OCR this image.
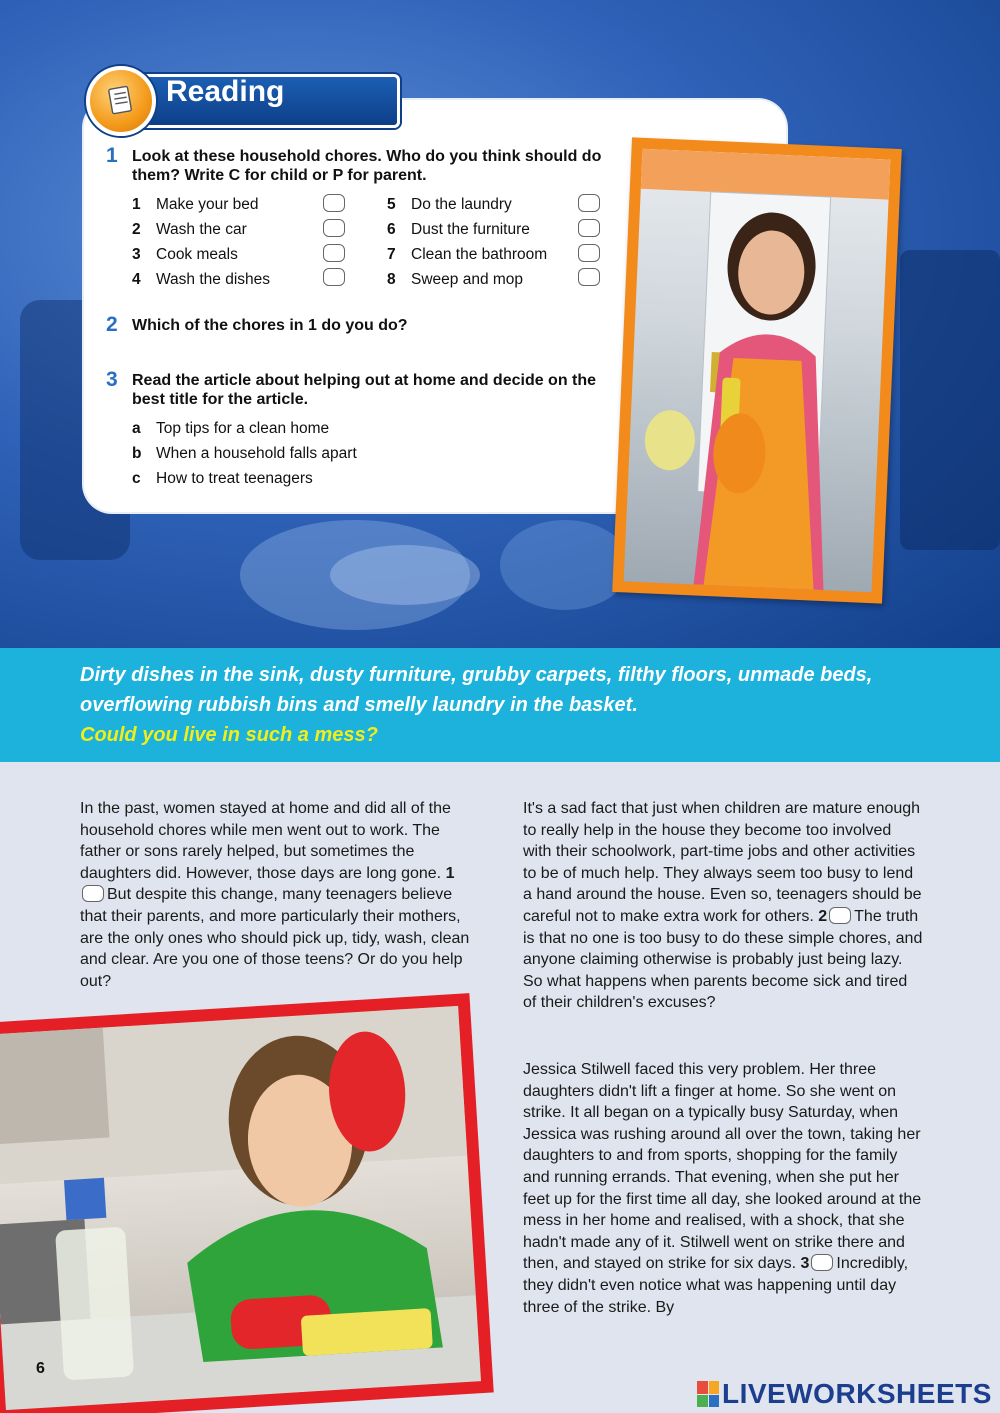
Reading
1 Look at these household chores. Who do you think should do them? Write C for child or P for parent.
1 Make your bed
2 Wash the car
3 Cook meals
4 Wash the dishes
5 Do the laundry
6 Dust the furniture
7 Clean the bathroom
8 Sweep and mop
2 Which of the chores in 1 do you do?
3 Read the article about helping out at home and decide on the best title for the article.
a Top tips for a clean home
b When a household falls apart
c How to treat teenagers
Dirty dishes in the sink, dusty furniture, grubby carpets, filthy floors, unmade beds,
overflowing rubbish bins and smelly laundry in the basket.
Could you live in such a mess?
In the past, women stayed at home and did all of the household chores while men went out to work. The father or sons rarely helped, but sometimes the daughters did. However, those days are long gone. 1But despite this change, many teenagers believe that their parents, and more particularly their mothers, are the only ones who should pick up, tidy, wash, clean and clear. Are you one of those teens? Or do you help out?
It's a sad fact that just when children are mature enough to really help in the house they become too involved with their schoolwork, part-time jobs and other activities to be of much help. They always seem too busy to lend a hand around the house. Even so, teenagers should be careful not to make extra work for others. 2 The truth is that no one is too busy to do these simple chores, and anyone claiming otherwise is probably just being lazy. So what happens when parents become sick and tired of their children's excuses?
Jessica Stilwell faced this very problem. Her three daughters didn't lift a finger at home. So she went on strike. It all began on a typically busy Saturday, when Jessica was rushing around all over the town, taking her daughters to and from sports, shopping for the family and running errands. That evening, when she put her feet up for the first time all day, she looked around at the mess in her home and realised, with a shock, that she hadn't made any of it. Stilwell went on strike there and then, and stayed on strike for six days. 3 Incredibly, they didn't even notice what was happening until day three of the strike. By
6
LIVEWORKSHEETS
